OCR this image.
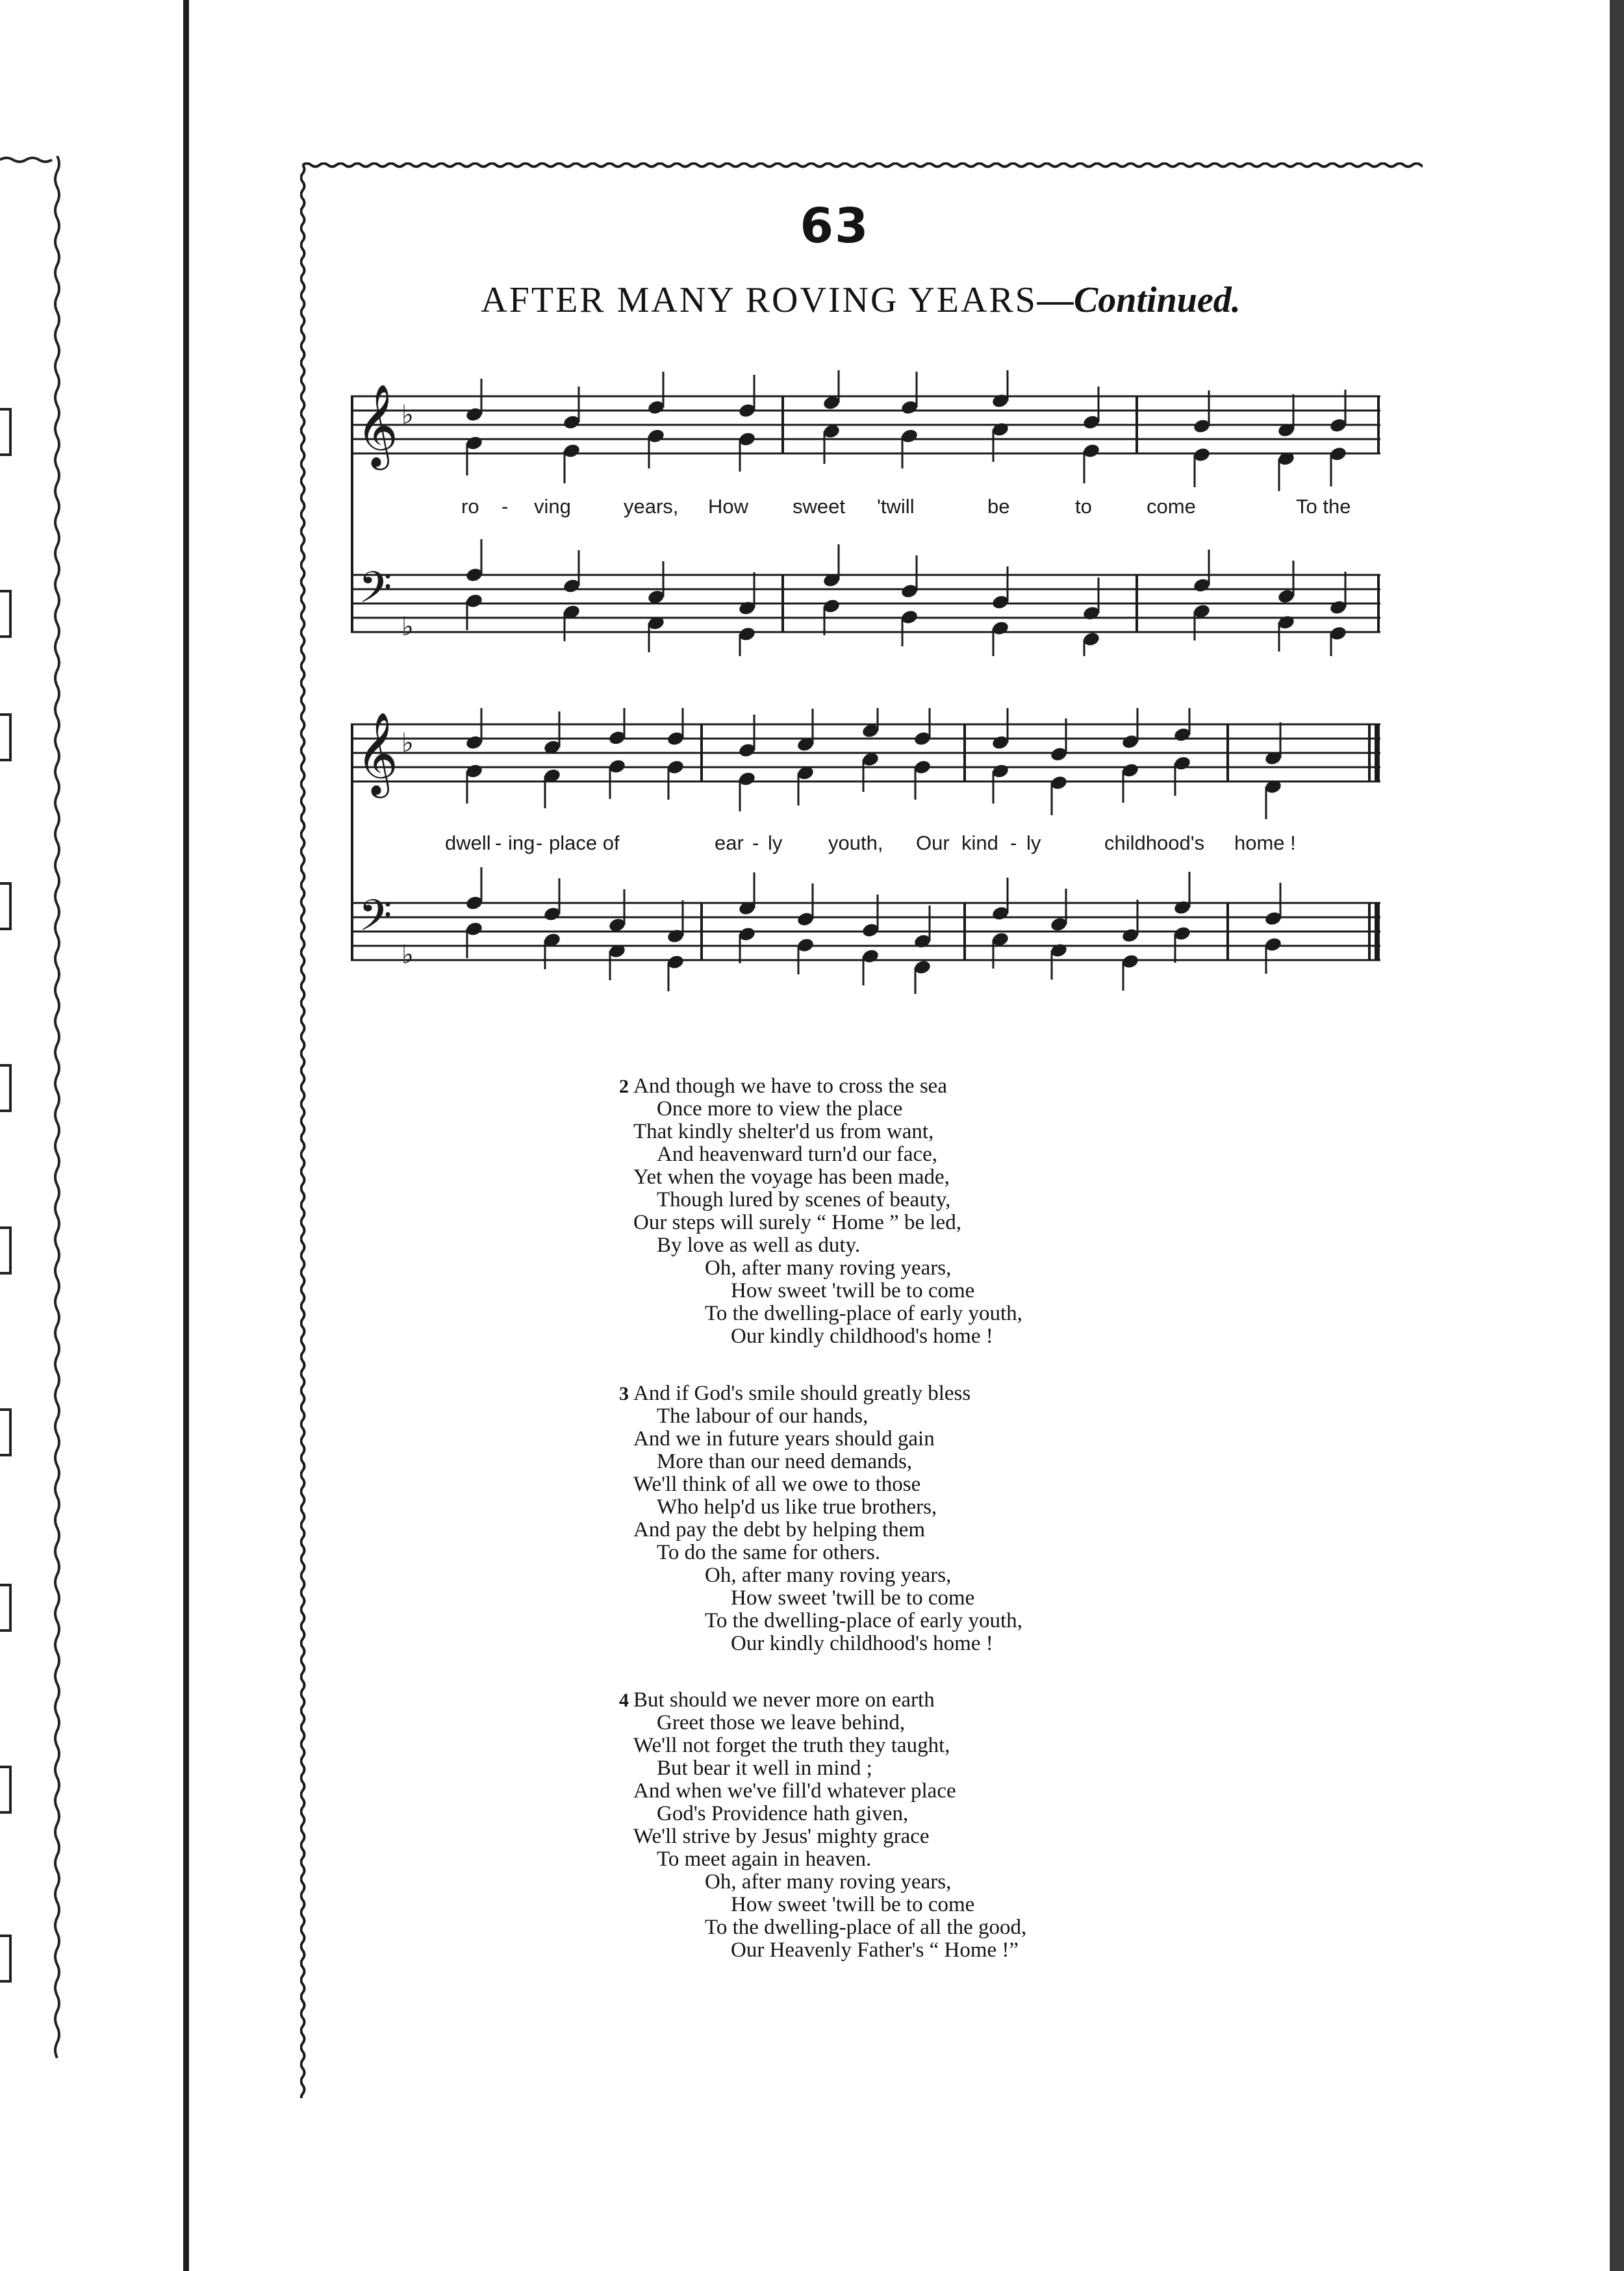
63
AFTER MANY ROVING YEARS—Continued.
𝄞 ♭
𝄢
♭
ro - ving	years, How sweet 'twill	be	to	come	To the
𝄞 ♭
𝄢
♭
dwell - ing - place of	ear - ly youth, Our kind - ly	childhood's home !
2 And though we have to cross the sea
Once more to view the place
That kindly shelter'd us from want,
And heavenward turn'd our face,
Yet when the voyage has been made,
Though lured by scenes of beauty,
Our steps will surely “ Home ” be led,
By love as well as duty.
Oh, after many roving years,
How sweet 'twill be to come
To the dwelling-place of early youth,
Our kindly childhood's home !
3 And if God's smile should greatly bless
The labour of our hands,
And we in future years should gain
More than our need demands,
We'll think of all we owe to those
Who help'd us like true brothers,
And pay the debt by helping them
To do the same for others.
Oh, after many roving years,
How sweet 'twill be to come
To the dwelling-place of early youth,
Our kindly childhood's home !
4 But should we never more on earth
Greet those we leave behind,
We'll not forget the truth they taught,
But bear it well in mind ;
And when we've fill'd whatever place
God's Providence hath given,
We'll strive by Jesus' mighty grace
To meet again in heaven.
Oh, after many roving years,
How sweet 'twill be to come
To the dwelling-place of all the good,
Our Heavenly Father's “ Home !”
